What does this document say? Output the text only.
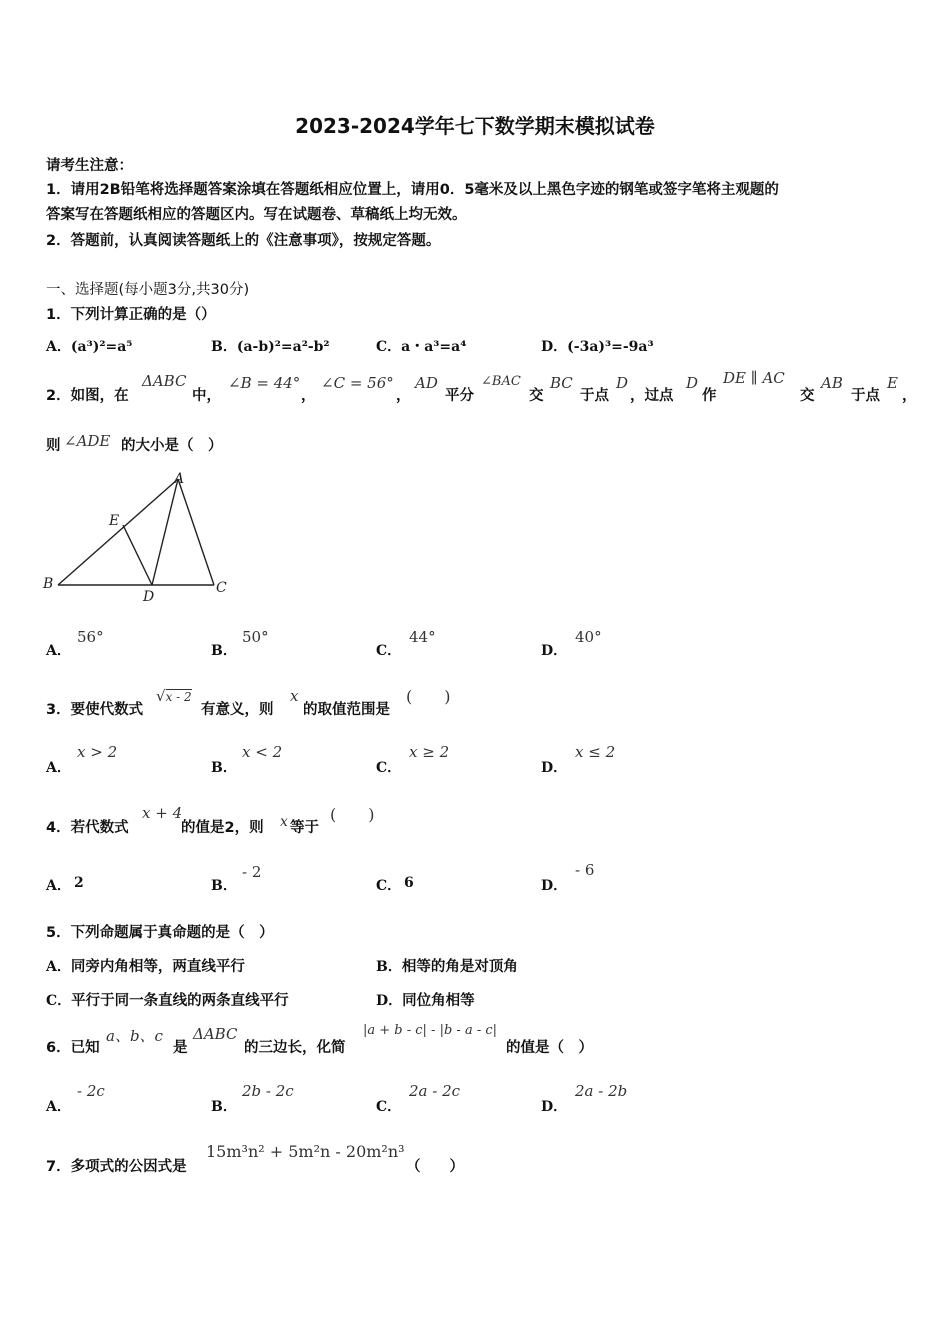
2023-2024学年七下数学期末模拟试卷
请考生注意：
1．请用2B铅笔将选择题答案涂填在答题纸相应位置上，请用0．5毫米及以上黑色字迹的钢笔或签字笔将主观题的
答案写在答题纸相应的答题区内。写在试题卷、草稿纸上均无效。
2．答题前，认真阅读答题纸上的《注意事项》，按规定答题。
一、选择题(每小题3分,共30分)
1．下列计算正确的是（）
A．(a³)²=a⁵	B．(a-b)²=a²-b²	C．a・a³=a⁴	D．(-3a)³=-9a³
2．如图，在
ΔABC
中，
∠B = 44°
，
∠C = 56°
，
AD
平分
∠BAC
交
BC
于点
D
，过点
D
作
DE ∥ AC
交
AB
于点
E
，
则 ∠ADE 的大小是（　）
A
B	C
D
E
A．
56°
B．
50°
C．
44°
D．
40°
3．要使代数式
√x - 2
有意义，则
x
的取值范围是
(　　)
A．
x > 2
B．
x < 2
C．
x ≥ 2
D．
x ≤ 2
4．若代数式
x + 4
的值是2，则 x 等于
(　　)
A． 2	B．
- 2
C． 6	D．
- 6
5．下列命题属于真命题的是（　）
A．同旁内角相等，两直线平行	B．相等的角是对顶角
C．平行于同一条直线的两条直线平行	D．同位角相等
6．已知
a、b、c
是
ΔABC
的三边长，化简
|a + b - c| - |b - a - c|
的值是（　）
A．
- 2c
B．
2b - 2c
C．
2a - 2c
D．
2a - 2b
7．多项式的公因式是
15m³n² + 5m²n - 20m²n³
（　　）
